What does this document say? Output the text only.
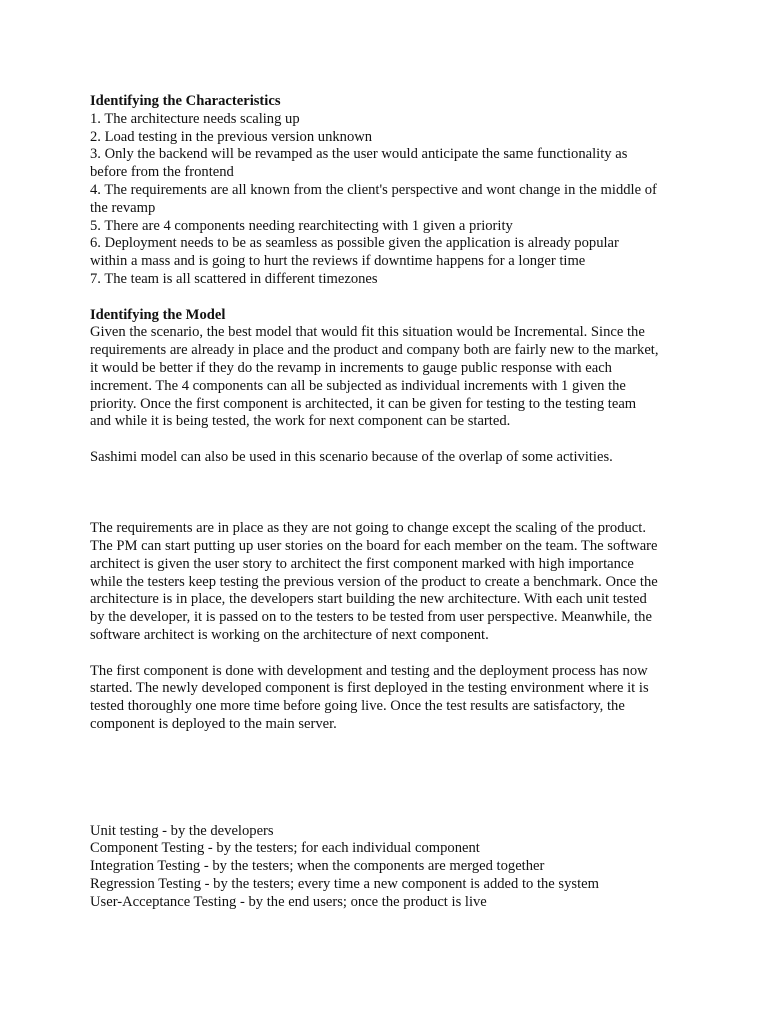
Identifying the Characteristics

1. The architecture needs scaling up

2. Load testing in the previous version unknown

3. Only the backend will be revamped as the user would anticipate the same functionality as

before from the frontend

4. The requirements are all known from the client's perspective and wont change in the middle of

the revamp

5. There are 4 components needing rearchitecting with 1 given a priority

6. Deployment needs to be as seamless as possible given the application is already popular

within a mass and is going to hurt the reviews if downtime happens for a longer time

7. The team is all scattered in different timezones

Identifying the Model

Given the scenario, the best model that would fit this situation would be Incremental. Since the

requirements are already in place and the product and company both are fairly new to the market,

it would be better if they do the revamp in increments to gauge public response with each

increment. The 4 components can all be subjected as individual increments with 1 given the

priority. Once the first component is architected, it can be given for testing to the testing team

and while it is being tested, the work for next component can be started.

Sashimi model can also be used in this scenario because of the overlap of some activities.

The requirements are in place as they are not going to change except the scaling of the product.

The PM can start putting up user stories on the board for each member on the team. The software

architect is given the user story to architect the first component marked with high importance

while the testers keep testing the previous version of the product to create a benchmark. Once the

architecture is in place, the developers start building the new architecture. With each unit tested

by the developer, it is passed on to the testers to be tested from user perspective. Meanwhile, the

software architect is working on the architecture of next component.

The first component is done with development and testing and the deployment process has now

started. The newly developed component is first deployed in the testing environment where it is

tested thoroughly one more time before going live. Once the test results are satisfactory, the

component is deployed to the main server.

Unit testing - by the developers

Component Testing - by the testers; for each individual component

Integration Testing - by the testers; when the components are merged together

Regression Testing - by the testers; every time a new component is added to the system

User-Acceptance Testing - by the end users; once the product is live
